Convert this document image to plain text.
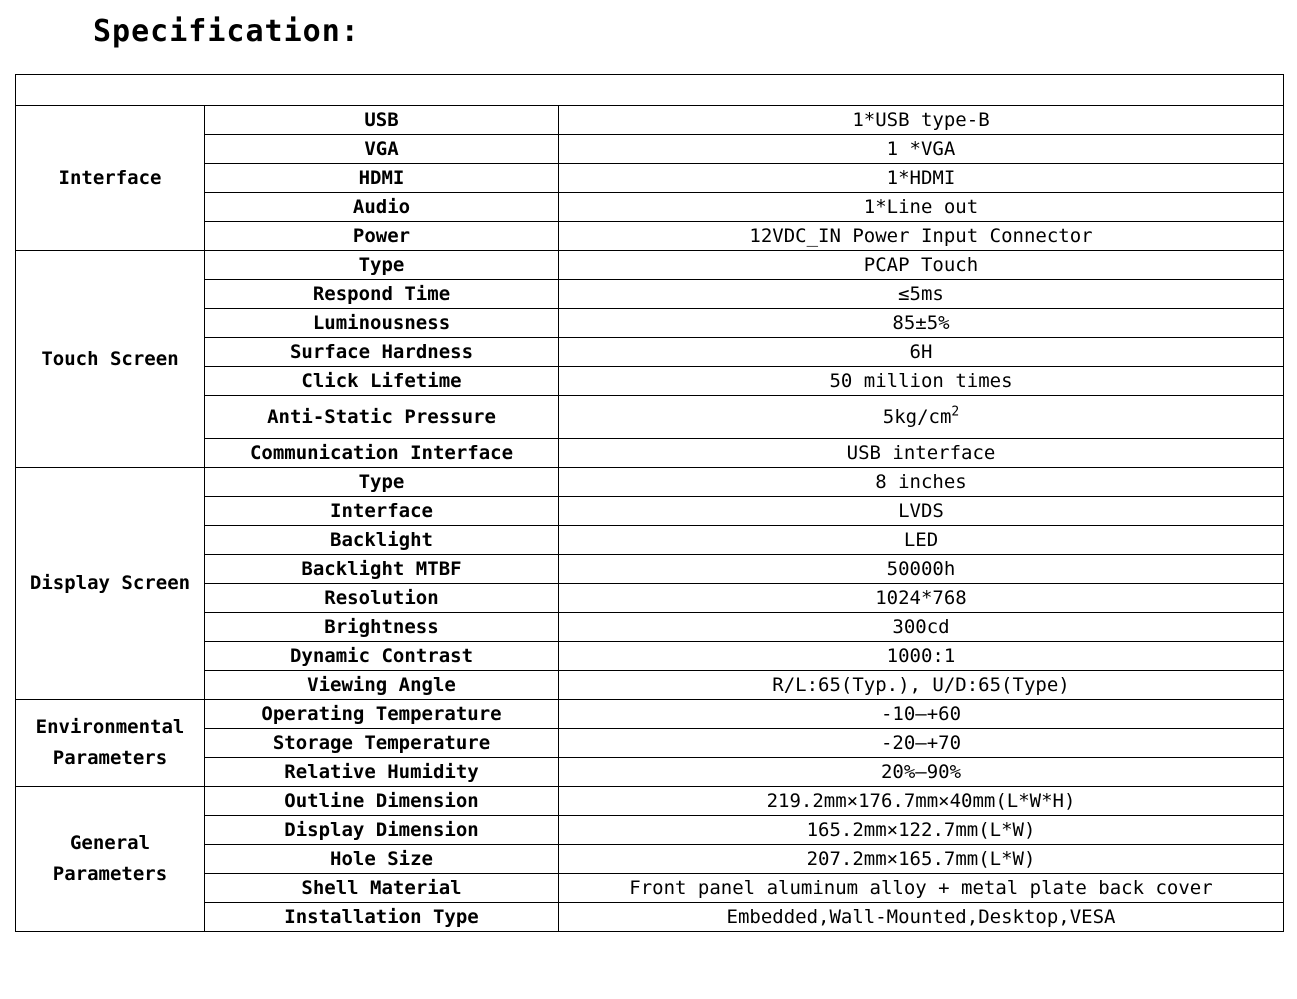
Specification:

Interface	USB	1*USB type-B
	VGA	1 *VGA
	HDMI	1*HDMI
	Audio	1*Line out
	Power	12VDC_IN Power Input Connector
Touch Screen	Type	PCAP Touch
	Respond Time	≤5ms
	Luminousness	85±5%
	Surface Hardness	6H
	Click Lifetime	50 million times
	Anti-Static Pressure	$5kg/cm^2$
	Communication Interface	USB interface
Display Screen	Type	8 inches
	Interface	LVDS
	Backlight	LED
	Backlight MTBF	50000h
	Resolution	1024*768
	Brightness	300cd
	Dynamic Contrast	1000:1
	Viewing Angle	R/L:65(Typ.), U/D:65(Type)
Environmental Parameters	Operating Temperature	-10—+60
	Storage Temperature	-20—+70
	Relative Humidity	20%—90%
General Parameters	Outline Dimension	219.2mm×176.7mm×40mm(L*W*H)
	Display Dimension	165.2mm×122.7mm(L*W)
	Hole Size	207.2mm×165.7mm(L*W)
	Shell Material	Front panel aluminum alloy + metal plate back cover
	Installation Type	Embedded,Wall-Mounted,Desktop,VESA
